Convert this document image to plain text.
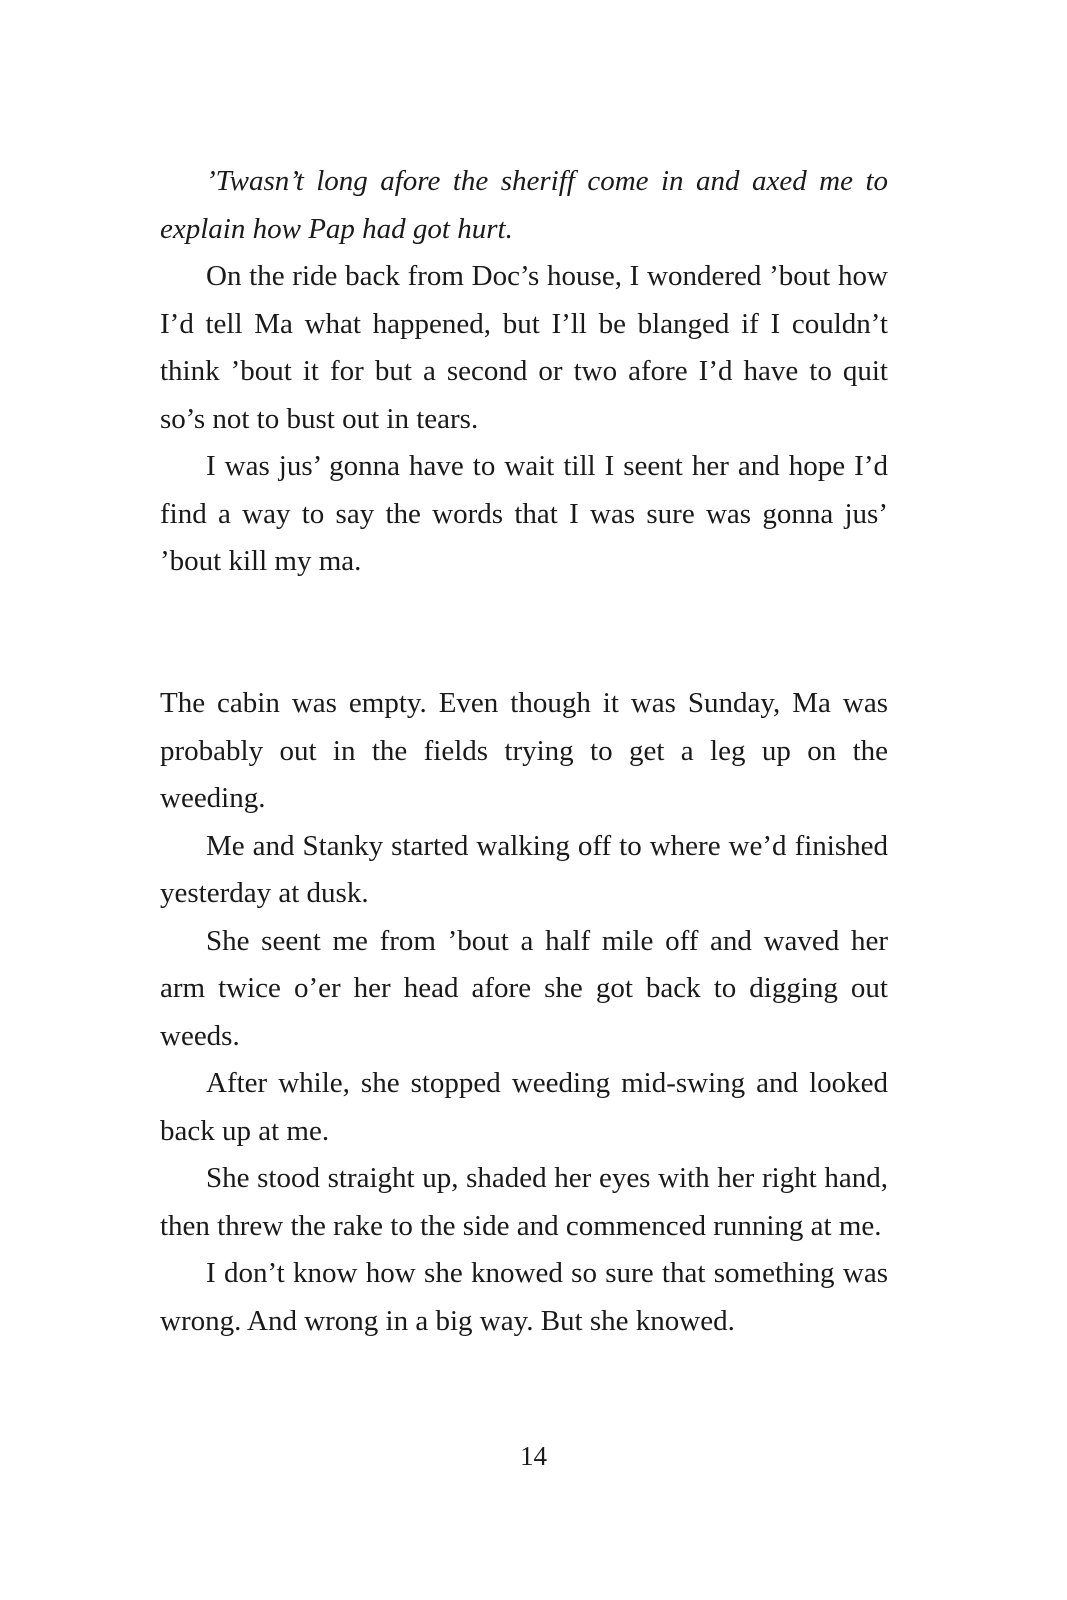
’Twasn’t long afore the sheriff come in and axed me to explain how Pap had got hurt.

On the ride back from Doc’s house, I wondered ’bout how I’d tell Ma what happened, but I’ll be blanged if I couldn’t think ’bout it for but a second or two afore I’d have to quit so’s not to bust out in tears.

I was jus’ gonna have to wait till I seent her and hope I’d find a way to say the words that I was sure was gonna jus’ ’bout kill my ma.

The cabin was empty. Even though it was Sunday, Ma was probably out in the fields trying to get a leg up on the weeding.

Me and Stanky started walking off to where we’d finished yesterday at dusk.

She seent me from ’bout a half mile off and waved her arm twice o’er her head afore she got back to digging out weeds.

After while, she stopped weeding mid-swing and looked back up at me.

She stood straight up, shaded her eyes with her right hand, then threw the rake to the side and commenced running at me.

I don’t know how she knowed so sure that something was wrong. And wrong in a big way. But she knowed.

14
